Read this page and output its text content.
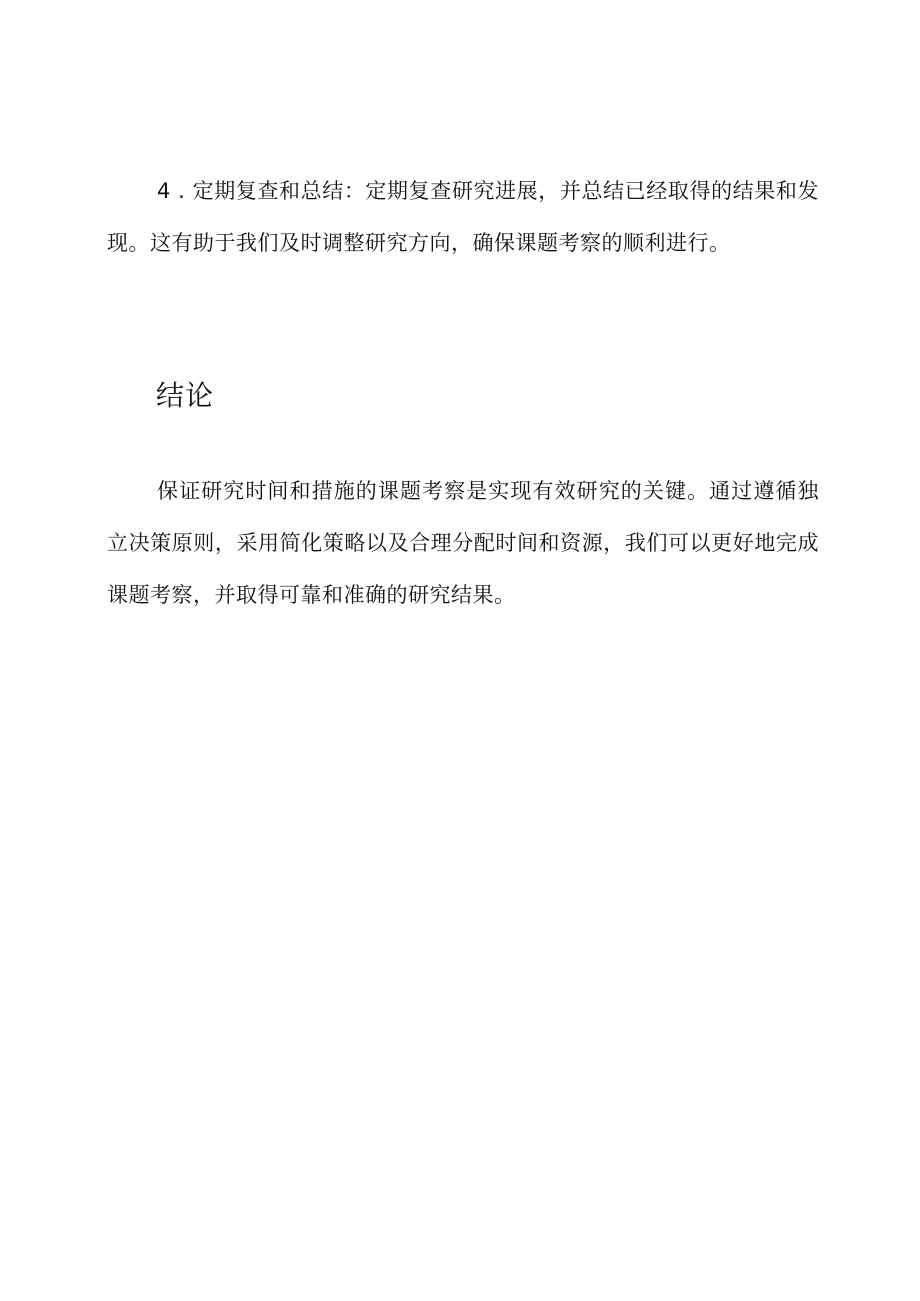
4 . 定期复查和总结：定期复查研究进展，并总结已经取得的结果和发现。这有助于我们及时调整研究方向，确保课题考察的顺利进行。

结论

保证研究时间和措施的课题考察是实现有效研究的关键。通过遵循独立决策原则，采用简化策略以及合理分配时间和资源，我们可以更好地完成课题考察，并取得可靠和准确的研究结果。
